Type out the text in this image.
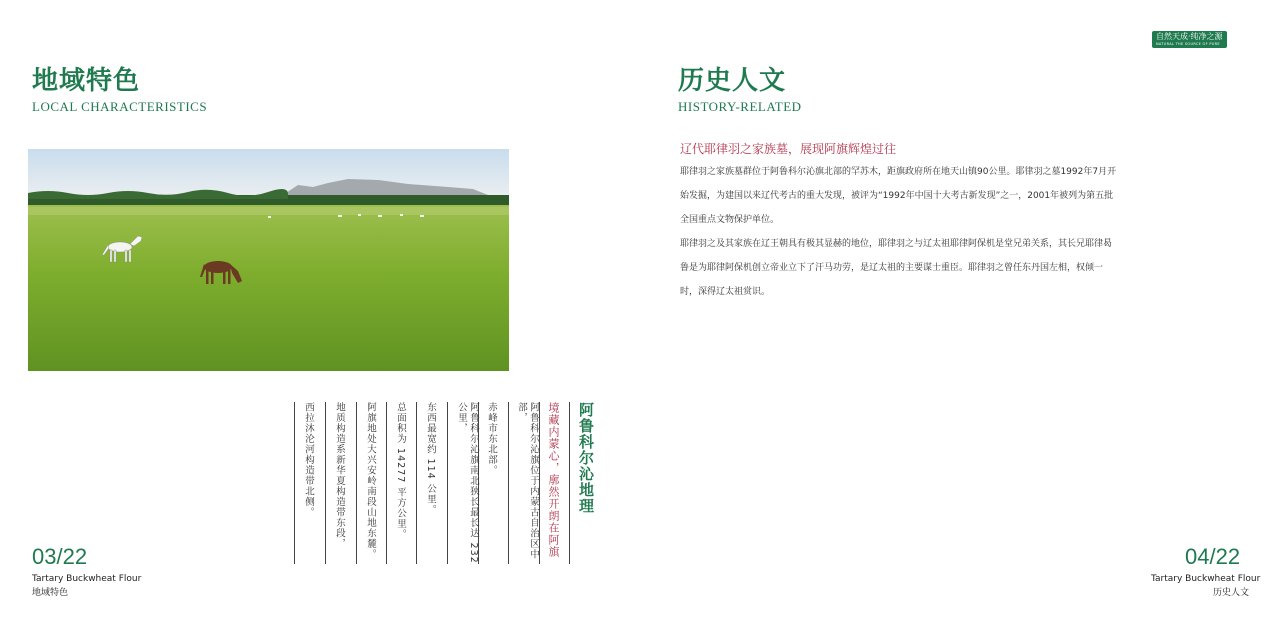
自然天成·纯净之源
NATURAL THE SOURCE OF PURE
地域特色
LOCAL CHARACTERISTICS
阿鲁科尔沁地理
境藏内蒙心，廓然开朗在阿旗
阿鲁科尔沁旗位于内蒙古自治区中部，
赤峰市东北部。
阿鲁科尔沁旗南北狭长最长达 232 公里，
东西最宽约 114 公里。
总面积为 14277 平方公里。
阿旗地处大兴安岭南段山地东麓。
地质构造系新华夏构造带东段，
西拉沐沦河构造带北侧。
03/22
Tartary Buckwheat Flour
地域特色
历史人文
HISTORY-RELATED
辽代耶律羽之家族墓，展现阿旗辉煌过往

耶律羽之家族墓群位于阿鲁科尔沁旗北部的罕苏木，距旗政府所在地天山镇90公里。耶律羽之墓1992年7月开始发掘，为建国以来辽代考古的重大发现，被评为“1992年中国十大考古新发现”之一，2001年被列为第五批全国重点文物保护单位。

耶律羽之及其家族在辽王朝具有极其显赫的地位，耶律羽之与辽太祖耶律阿保机是堂兄弟关系，其长兄耶律曷鲁是为耶律阿保机创立帝业立下了汗马功劳，是辽太祖的主要谋士重臣。耶律羽之曾任东丹国左相，权倾一时，深得辽太祖赏识。

04/22
Tartary Buckwheat Flour
历史人文
